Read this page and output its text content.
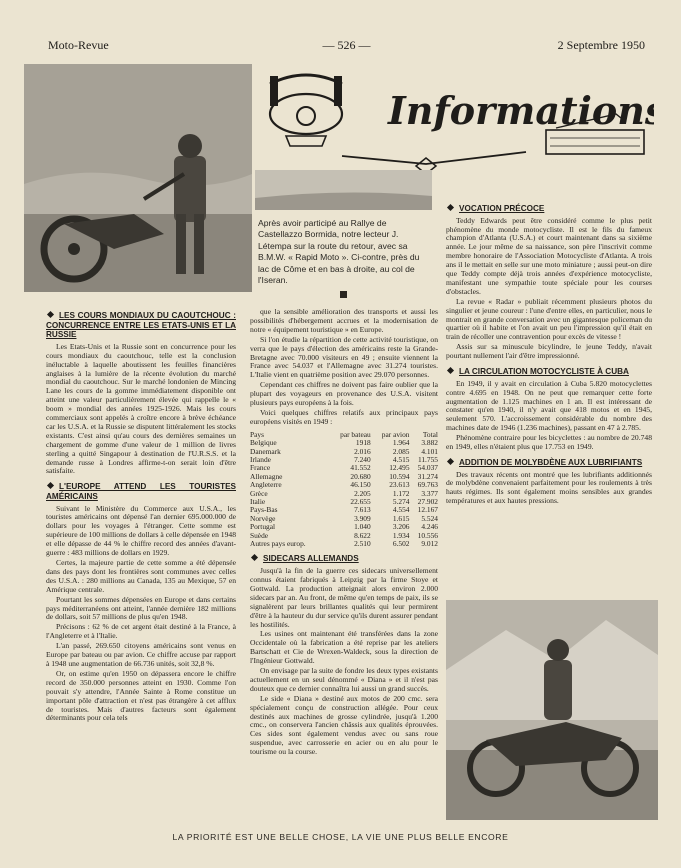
Moto-Revue	— 526 —	2 Septembre 1950
Informations
Après avoir participé au Rallye de Castellazzo Bormida, notre lecteur J. Létempa sur la route du retour, avec sa B.M.W. « Rapid Moto ». Ci-contre, près du lac de Côme et en bas à droite, au col de l'Iseran.
LES COURS MONDIAUX DU CAOUTCHOUC : CONCURRENCE ENTRE LES ETATS-UNIS ET LA RUSSIE

Les Etats-Unis et la Russie sont en concurrence pour les cours mondiaux du caoutchouc, telle est la conclusion inéluctable à laquelle aboutissent les feuilles financières anglaises à la lumière de la récente évolution du marché mondial du caoutchouc. Sur le marché londonien de Mincing Lane les cours de la gomme immédiatement disponible ont atteint une valeur particulièrement élevée qui rappelle le « boom » mondial des années 1925-1926. Mais les cours commerciaux sont appelés à croître encore à brève échéance car les U.S.A. et la Russie se disputent littéralement les stocks existants. C'est ainsi qu'au cours des dernières semaines un chargement de gomme d'une valeur de 1 million de livres sterling a quitté Singapour à destination de l'U.R.S.S. et la demande russe à Londres affirme-t-on serait loin d'être satisfaite.

L'EUROPE ATTEND LES TOURISTES AMÉRICAINS

Suivant le Ministère du Commerce aux U.S.A., les touristes américains ont dépensé l'an dernier 695.000.000 de dollars pour les voyages à l'étranger. Cette somme est supérieure de 100 millions de dollars à celle dépensée en 1948 et elle dépasse de 44 % le chiffre record des années d'avant-guerre : 483 millions de dollars en 1929.

Certes, la majeure partie de cette somme a été dépensée dans des pays dont les frontières sont communes avec celles des U.S.A. : 280 millions au Canada, 135 au Mexique, 57 en Amérique centrale.

Pourtant les sommes dépensées en Europe et dans certains pays méditerranéens ont atteint, l'année dernière 182 millions de dollars, soit 57 millions de plus qu'en 1948.

Précisons : 62 % de cet argent était destiné à la France, à l'Angleterre et à l'Italie.

L'an passé, 269.650 citoyens américains sont venus en Europe par bateau ou par avion. Ce chiffre accuse par rapport à 1948 une augmentation de 66.736 unités, soit 32,8 %.

Or, on estime qu'en 1950 on dépassera encore le chiffre record de 350.000 personnes atteint en 1930. Comme l'on pouvait s'y attendre, l'Année Sainte à Rome constitue un important pôle d'attraction et n'est pas étrangère à cet afflux de touristes. Mais d'autres facteurs sont également déterminants pour cela tels

que la sensible amélioration des transports et aussi les possibilités d'hébergement accrues et la modernisation de notre « équipement touristique » en Europe.

Si l'on étudie la répartition de cette activité touristique, on verra que le pays d'élection des américains reste la Grande-Bretagne avec 70.000 visiteurs en 49 ; ensuite viennent la France avec 54.037 et l'Allemagne avec 31.274 touristes. L'Italie vient en quatrième position avec 29.070 personnes.

Cependant ces chiffres ne doivent pas faire oublier que la plupart des voyageurs en provenance des U.S.A. visitent plusieurs pays européens à la fois.

Voici quelques chiffres relatifs aux principaux pays européens visités en 1949 :

Pays	par bateau	par avion	Total
Belgique	1918	1.964	3.882
Danemark	2.016	2.085	4.101
Irlande	7.240	4.515	11.755
France	41.552	12.495	54.037
Allemagne	20.680	10.594	31.274
Angleterre	46.150	23.613	69.763
Grèce	2.205	1.172	3.377
Italie	22.655	5.274	27.902
Pays-Bas	7.613	4.554	12.167
Norvège	3.909	1.615	5.524
Portugal	1.040	3.206	4.246
Suède	8.622	1.934	10.556
Autres pays europ.	2.510	6.502	9.012
SIDECARS ALLEMANDS

Jusqu'à la fin de la guerre ces sidecars universellement connus étaient fabriqués à Leipzig par la firme Stoye et Gottwald. La production atteignait alors environ 2.000 sidecars par an. Au front, de même qu'en temps de paix, ils se signalèrent par leurs brillantes qualités qui leur permirent d'être à la hauteur du dur service qu'ils durent assurer pendant les hostilités.

Les usines ont maintenant été transférées dans la zone Occidentale où la fabrication a été reprise par les ateliers Bartschatt et Cie de Wrexen-Waldeck, sous la direction de l'Ingénieur Gottwald.

On envisage par la suite de fondre les deux types existants actuellement en un seul dénommé « Diana » et il n'est pas douteux que ce dernier connaîtra lui aussi un grand succès.

Le side « Diana » destiné aux motos de 200 cmc. sera spécialement conçu de construction allégée. Pour ceux destinés aux machines de grosse cylindrée, jusqu'à 1.200 cmc., on conservera l'ancien châssis aux qualités éprouvées. Ces sides sont également vendus avec ou sans roue suspendue, avec carrosserie en acier ou en alu pour le tourisme ou la course.

VOCATION PRÉCOCE

Teddy Edwards peut être considéré comme le plus petit phénomène du monde motocycliste. Il est le fils du fameux champion d'Atlanta (U.S.A.) et court maintenant dans sa sixième année. Le jour même de sa naissance, son père l'inscrivit comme membre honoraire de l'Association Motocycliste d'Atlanta. A trois ans il le mettait en selle sur une moto miniature ; aussi peut-on dire que Teddy compte déjà trois années d'expérience motocycliste, manifestant une sympathie toute spéciale pour les courses d'obstacles.

La revue « Radar » publiait récemment plusieurs photos du singulier et jeune coureur : l'une d'entre elles, en particulier, nous le montrait en grande conversation avec un gigantesque policeman du quartier où il habite et l'on avait un peu l'impression qu'il était en train de récoller une contravention pour excès de vitesse !

Assis sur sa minuscule bicylindre, le jeune Teddy, n'avait pourtant nullement l'air d'être impressionné.

LA CIRCULATION MOTOCYCLISTE À CUBA

En 1949, il y avait en circulation à Cuba 5.820 motocyclettes contre 4.695 en 1948. On ne peut que remarquer cette forte augmentation de 1.125 machines en 1 an. Il est intéressant de constater qu'en 1940, il n'y avait que 418 motos et en 1945, seulement 570. L'accroissement considérable du nombre des machines date de 1946 (1.236 machines), passant en 47 à 2.785.

Phénomène contraire pour les bicyclettes : au nombre de 20.748 en 1949, elles n'étaient plus que 17.753 en 1949.

ADDITION DE MOLYBDÈNE AUX LUBRIFIANTS

Des travaux récents ont montré que les lubrifiants additionnés de molybdène convenaient parfaitement pour les roulements à très hauts régimes. Ils sont également moins sensibles aux grandes températures et aux hautes pressions.

LA PRIORITÉ EST UNE BELLE CHOSE, LA VIE UNE PLUS BELLE ENCORE
